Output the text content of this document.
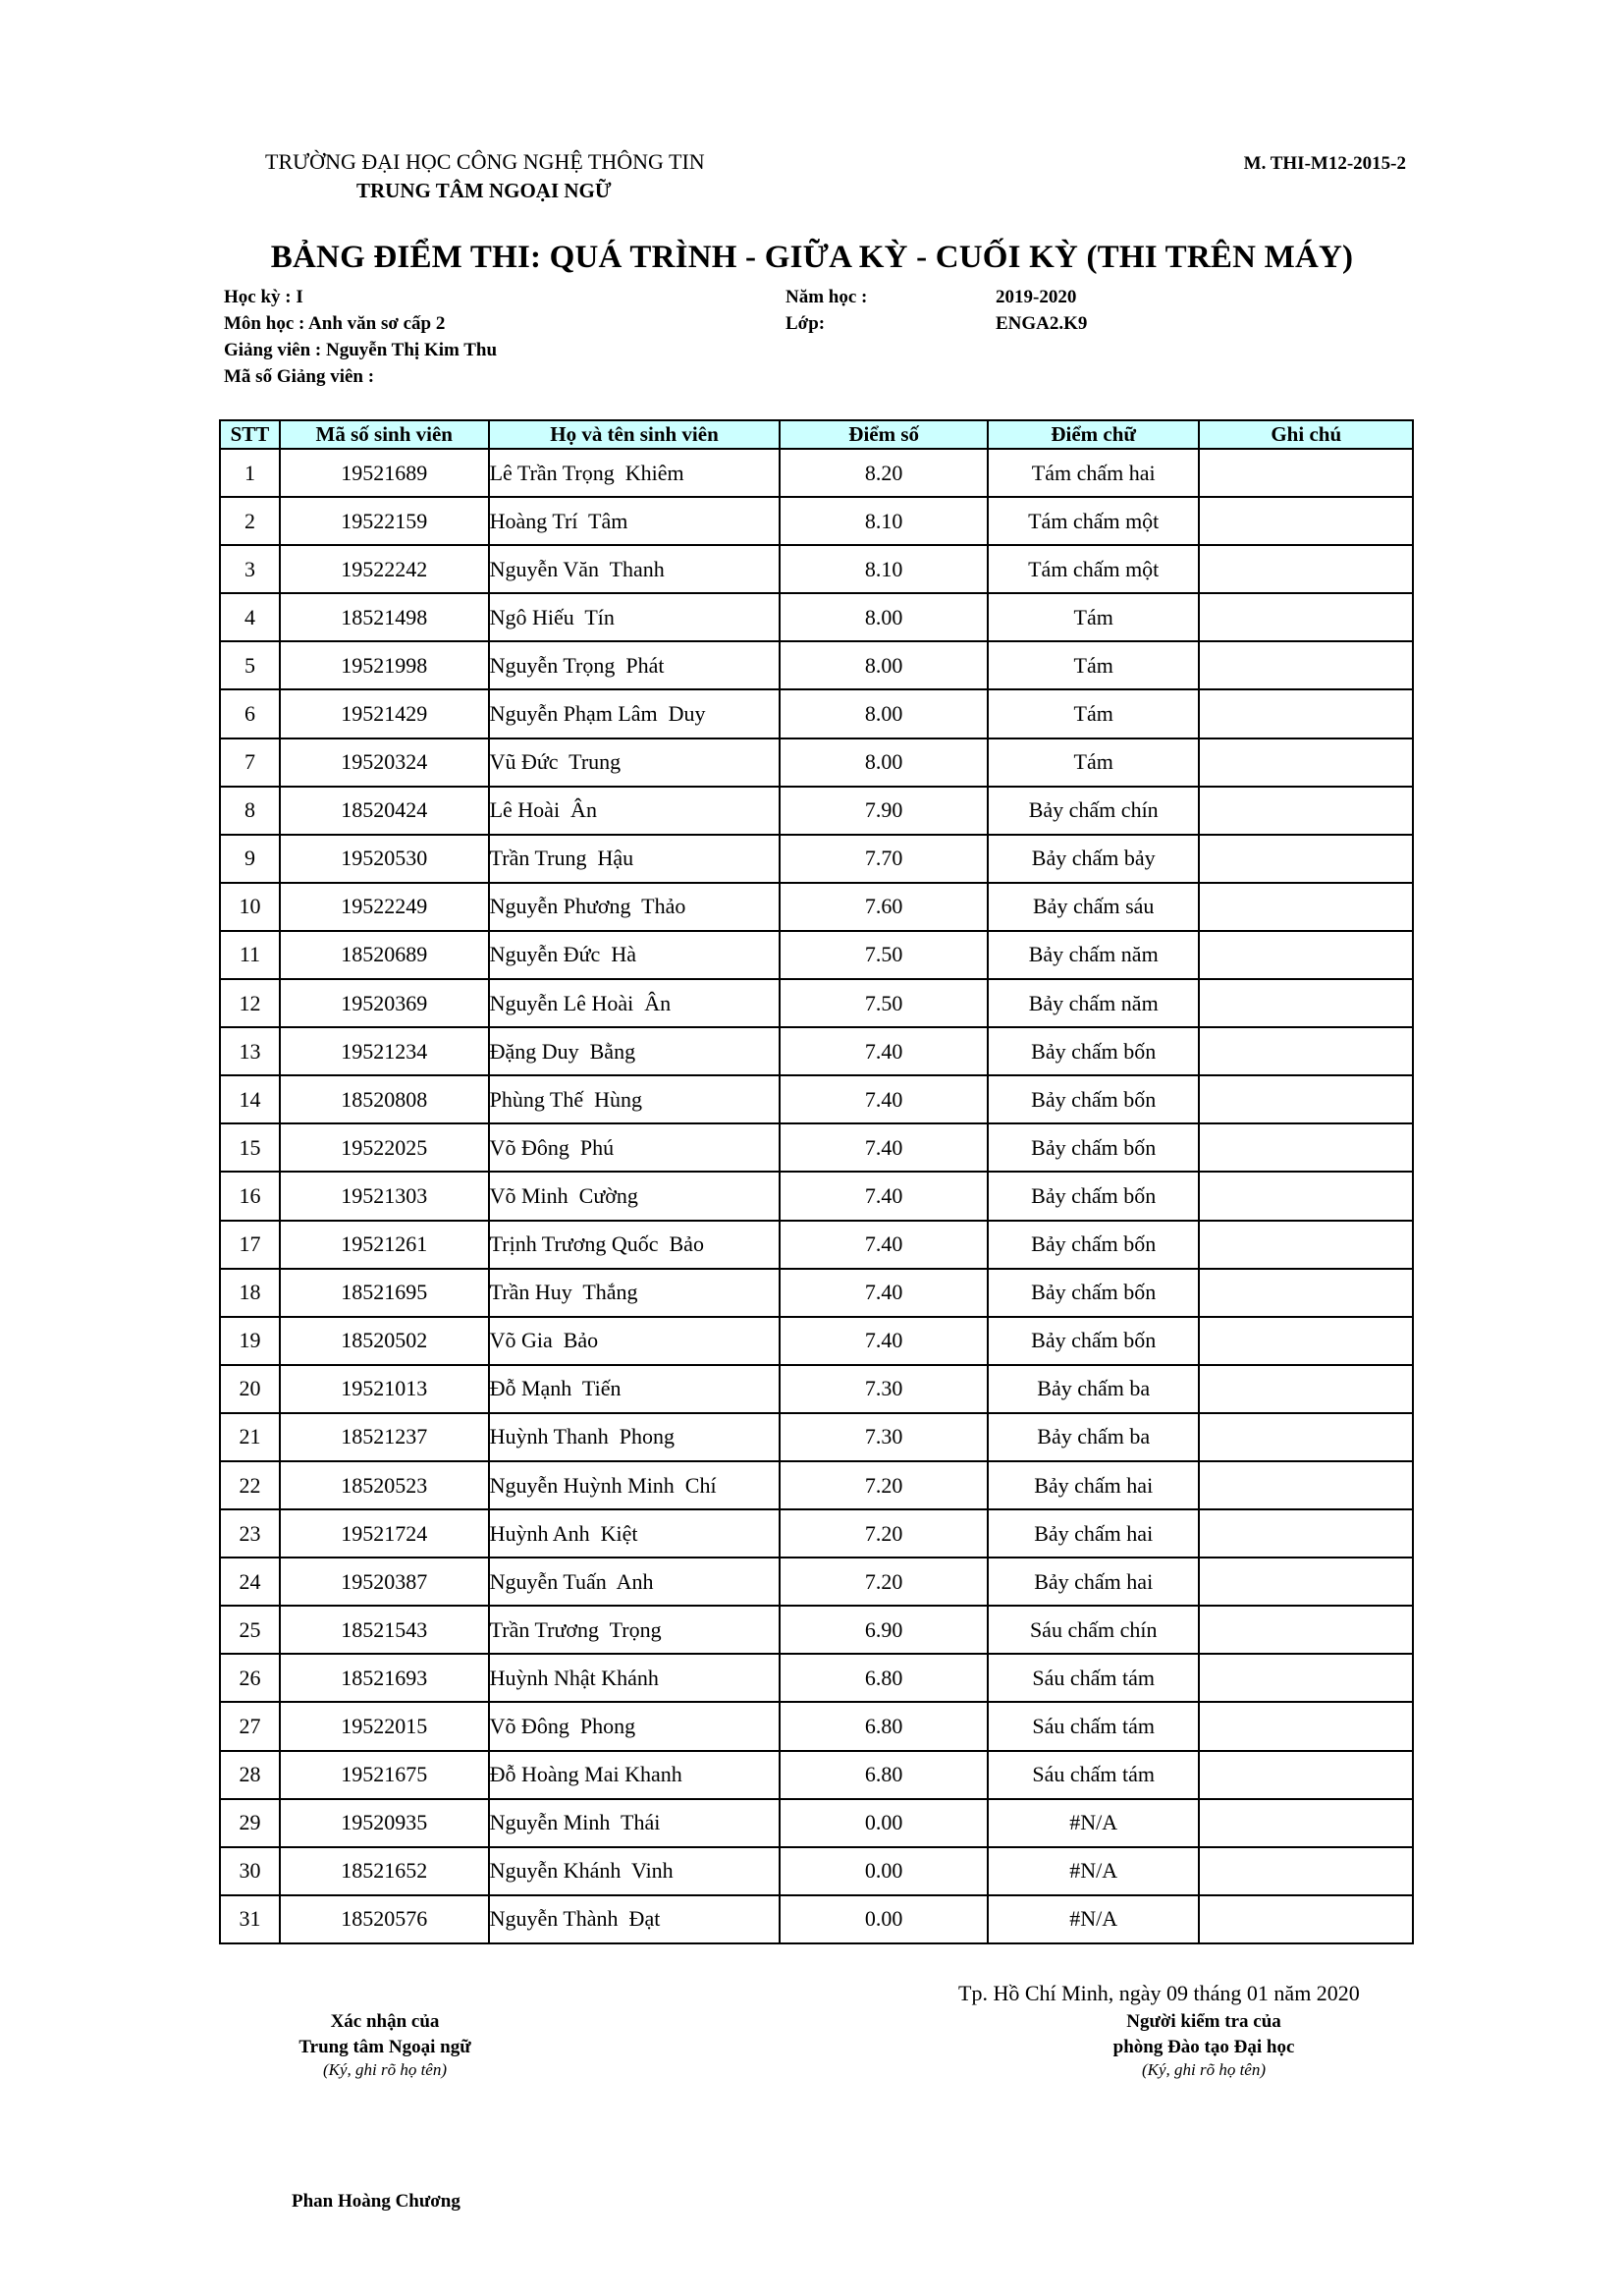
TRƯỜNG ĐẠI HỌC CÔNG NGHỆ THÔNG TIN
TRUNG TÂM NGOẠI NGỮ
M. THI-M12-2015-2
BẢNG ĐIỂM THI: QUÁ TRÌNH - GIỮA KỲ - CUỐI KỲ (THI TRÊN MÁY)
Học kỳ : I
Môn học : Anh văn sơ cấp 2
Giảng viên : Nguyễn Thị Kim Thu
Mã số Giảng viên :
Năm học :	2019-2020
Lớp:	ENGA2.K9
STT	Mã số sinh viên	Họ và tên sinh viên	Điểm số	Điểm chữ	Ghi chú
1	19521689	Lê Trần Trọng  Khiêm	8.20	Tám chấm hai	
2	19522159	Hoàng Trí  Tâm	8.10	Tám chấm một	
3	19522242	Nguyễn Văn  Thanh	8.10	Tám chấm một	
4	18521498	Ngô Hiếu  Tín	8.00	Tám	
5	19521998	Nguyễn Trọng  Phát	8.00	Tám	
6	19521429	Nguyễn Phạm Lâm  Duy	8.00	Tám	
7	19520324	Vũ Đức  Trung	8.00	Tám	
8	18520424	Lê Hoài  Ân	7.90	Bảy chấm chín	
9	19520530	Trần Trung  Hậu	7.70	Bảy chấm bảy	
10	19522249	Nguyễn Phương  Thảo	7.60	Bảy chấm sáu	
11	18520689	Nguyễn Đức  Hà	7.50	Bảy chấm năm	
12	19520369	Nguyễn Lê Hoài  Ân	7.50	Bảy chấm năm	
13	19521234	Đặng Duy  Bằng	7.40	Bảy chấm bốn	
14	18520808	Phùng Thế  Hùng	7.40	Bảy chấm bốn	
15	19522025	Võ Đông  Phú	7.40	Bảy chấm bốn	
16	19521303	Võ Minh  Cường	7.40	Bảy chấm bốn	
17	19521261	Trịnh Trương Quốc  Bảo	7.40	Bảy chấm bốn	
18	18521695	Trần Huy  Thắng	7.40	Bảy chấm bốn	
19	18520502	Võ Gia  Bảo	7.40	Bảy chấm bốn	
20	19521013	Đỗ Mạnh  Tiến	7.30	Bảy chấm ba	
21	18521237	Huỳnh Thanh  Phong	7.30	Bảy chấm ba	
22	18520523	Nguyễn Huỳnh Minh  Chí	7.20	Bảy chấm hai	
23	19521724	Huỳnh Anh  Kiệt	7.20	Bảy chấm hai	
24	19520387	Nguyễn Tuấn  Anh	7.20	Bảy chấm hai	
25	18521543	Trần Trương  Trọng	6.90	Sáu chấm chín	
26	18521693	Huỳnh Nhật Khánh	6.80	Sáu chấm tám	
27	19522015	Võ Đông  Phong	6.80	Sáu chấm tám	
28	19521675	Đỗ Hoàng Mai Khanh	6.80	Sáu chấm tám	
29	19520935	Nguyễn Minh  Thái	0.00	#N/A	
30	18521652	Nguyễn Khánh  Vinh	0.00	#N/A	
31	18520576	Nguyễn Thành  Đạt	0.00	#N/A	
Tp. Hồ Chí Minh, ngày 09 tháng 01 năm 2020
Xác nhận của
Trung tâm Ngoại ngữ
(Ký, ghi rõ họ tên)
Người kiểm tra của
phòng Đào tạo Đại học
(Ký, ghi rõ họ tên)
Phan Hoàng Chương
